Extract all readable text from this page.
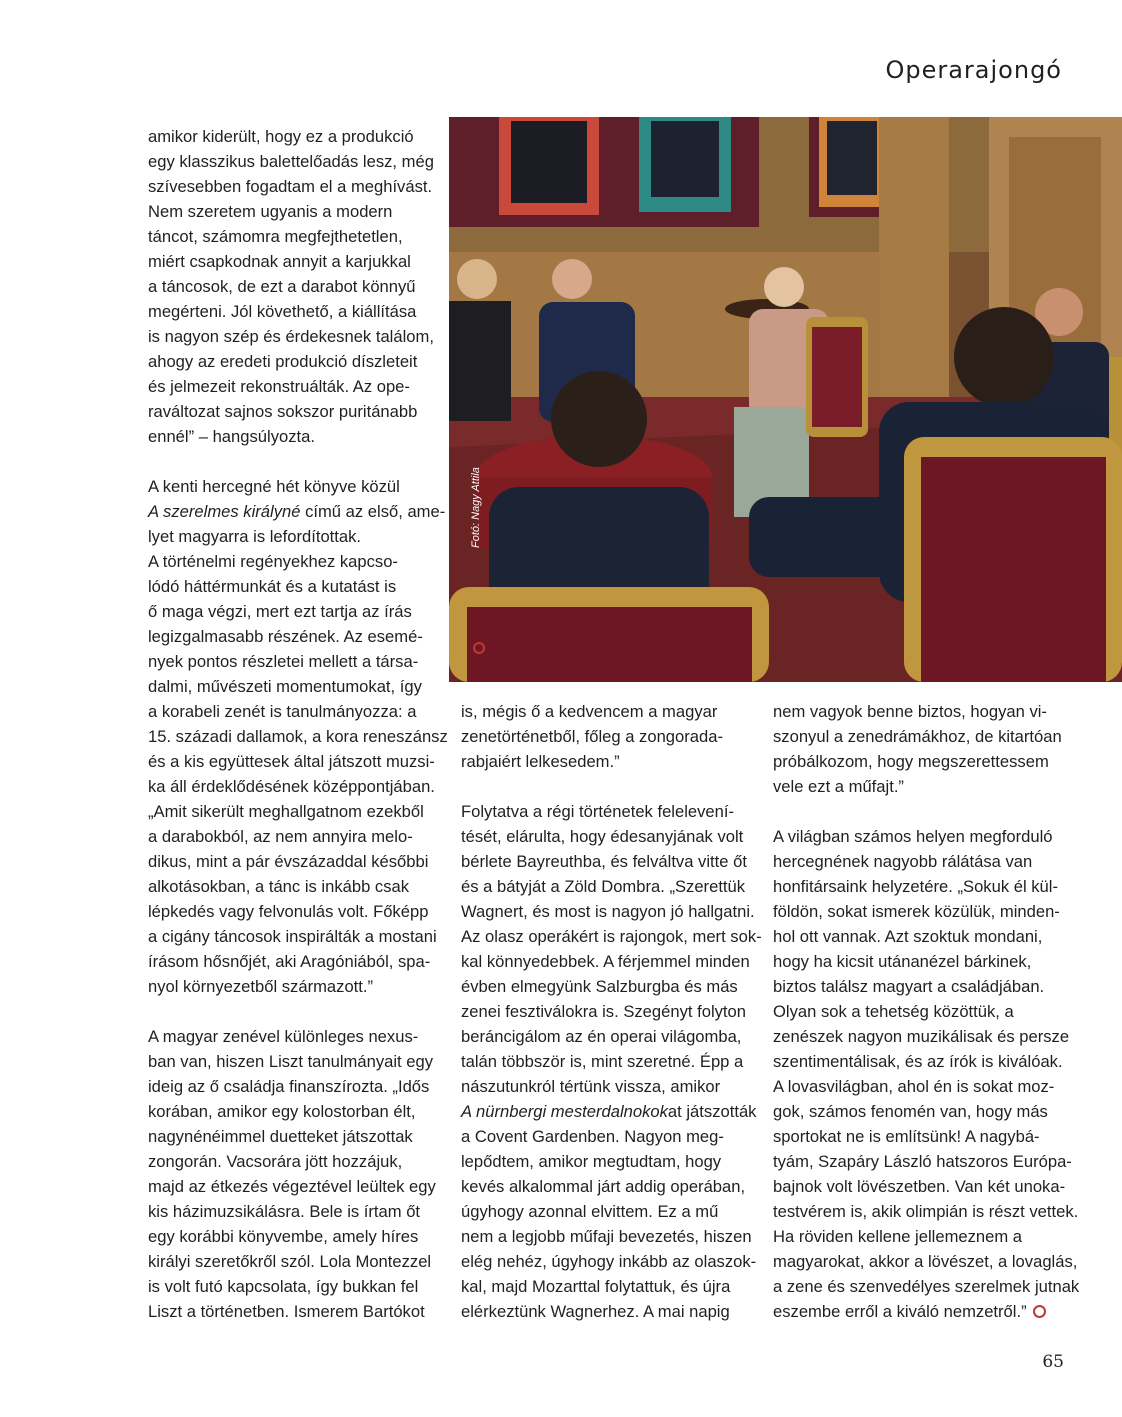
Operarajongó

amikor kiderült, hogy ez a produkció

egy klasszikus balettelőadás lesz, még

szívesebben fogadtam el a meghívást.

Nem szeretem ugyanis a modern

táncot, számomra megfejthetetlen,

miért csapkodnak annyit a karjukkal

a táncosok, de ezt a darabot könnyű

megérteni. Jól követhető, a kiállítása

is nagyon szép és érdekesnek találom,

ahogy az eredeti produkció díszleteit

és jelmezeit rekonstruálták. Az ope-

raváltozat sajnos sokszor puritánabb

ennél” – hangsúlyozta.

A kenti hercegné hét könyve közül

A szerelmes királyné című az első, ame-

lyet magyarra is lefordítottak.

A történelmi regényekhez kapcso-

lódó háttérmunkát és a kutatást is

ő maga végzi, mert ezt tartja az írás

legizgalmasabb részének. Az esemé-

nyek pontos részletei mellett a társa-

dalmi, művészeti momentumokat, így

a korabeli zenét is tanulmányozza: a

15. századi dallamok, a kora reneszánsz

és a kis együttesek által játszott muzsi-

ka áll érdeklődésének középpontjában.

„Amit sikerült meghallgatnom ezekből

a darabokból, az nem annyira melo-

dikus, mint a pár évszázaddal későbbi

alkotásokban, a tánc is inkább csak

lépkedés vagy felvonulás volt. Főképp

a cigány táncosok inspirálták a mostani

írásom hősnőjét, aki Aragóniából, spa-

nyol környezetből származott.”

A magyar zenével különleges nexus-

ban van, hiszen Liszt tanulmányait egy

ideig az ő családja finanszírozta. „Idős

korában, amikor egy kolostorban élt,

nagynénéimmel duetteket játszottak

zongorán. Vacsorára jött hozzájuk,

majd az étkezés végeztével leültek egy

kis házimuzsikálásra. Bele is írtam őt

egy korábbi könyvembe, amely híres

királyi szeretőkről szól. Lola Montezzel

is volt futó kapcsolata, így bukkan fel

Liszt a történetben. Ismerem Bartókot

Fotó: Nagy Attila

is, mégis ő a kedvencem a magyar

zenetörténetből, főleg a zongorada-

rabjaiért lelkesedem.”

Folytatva a régi történetek felelevení-

tését, elárulta, hogy édesanyjának volt

bérlete Bayreuthba, és felváltva vitte őt

és a bátyját a Zöld Dombra. „Szerettük

Wagnert, és most is nagyon jó hallgatni.

Az olasz operákért is rajongok, mert sok-

kal könnyedebbek. A férjemmel minden

évben elmegyünk Salzburgba és más

zenei fesztiválokra is. Szegényt folyton

beráncigálom az én operai világomba,

talán többször is, mint szeretné. Épp a

nászutunkról tértünk vissza, amikor

A nürnbergi mesterdalnokokat játszották

a Covent Gardenben. Nagyon meg-

lepődtem, amikor megtudtam, hogy

kevés alkalommal járt addig operában,

úgyhogy azonnal elvittem. Ez a mű

nem a legjobb műfaji bevezetés, hiszen

elég nehéz, úgyhogy inkább az olaszok-

kal, majd Mozarttal folytattuk, és újra

elérkeztünk Wagnerhez. A mai napig

nem vagyok benne biztos, hogyan vi-

szonyul a zenedrámákhoz, de kitartóan

próbálkozom, hogy megszerettessem

vele ezt a műfajt.”

A világban számos helyen megforduló

hercegnének nagyobb rálátása van

honfitársaink helyzetére. „Sokuk él kül-

földön, sokat ismerek közülük, minden-

hol ott vannak. Azt szoktuk mondani,

hogy ha kicsit utánanézel bárkinek,

biztos találsz magyart a családjában.

Olyan sok a tehetség közöttük, a

zenészek nagyon muzikálisak és persze

szentimentálisak, és az írók is kiválóak.

A lovasvilágban, ahol én is sokat moz-

gok, számos fenomén van, hogy más

sportokat ne is említsünk! A nagybá-

tyám, Szapáry László hatszoros Európa-

bajnok volt lövészetben. Van két unoka-

testvérem is, akik olimpián is részt vettek.

Ha röviden kellene jellemeznem a

magyarokat, akkor a lövészet, a lovaglás,

a zene és szenvedélyes szerelmek jutnak

eszembe erről a kiváló nemzetről.”

65
